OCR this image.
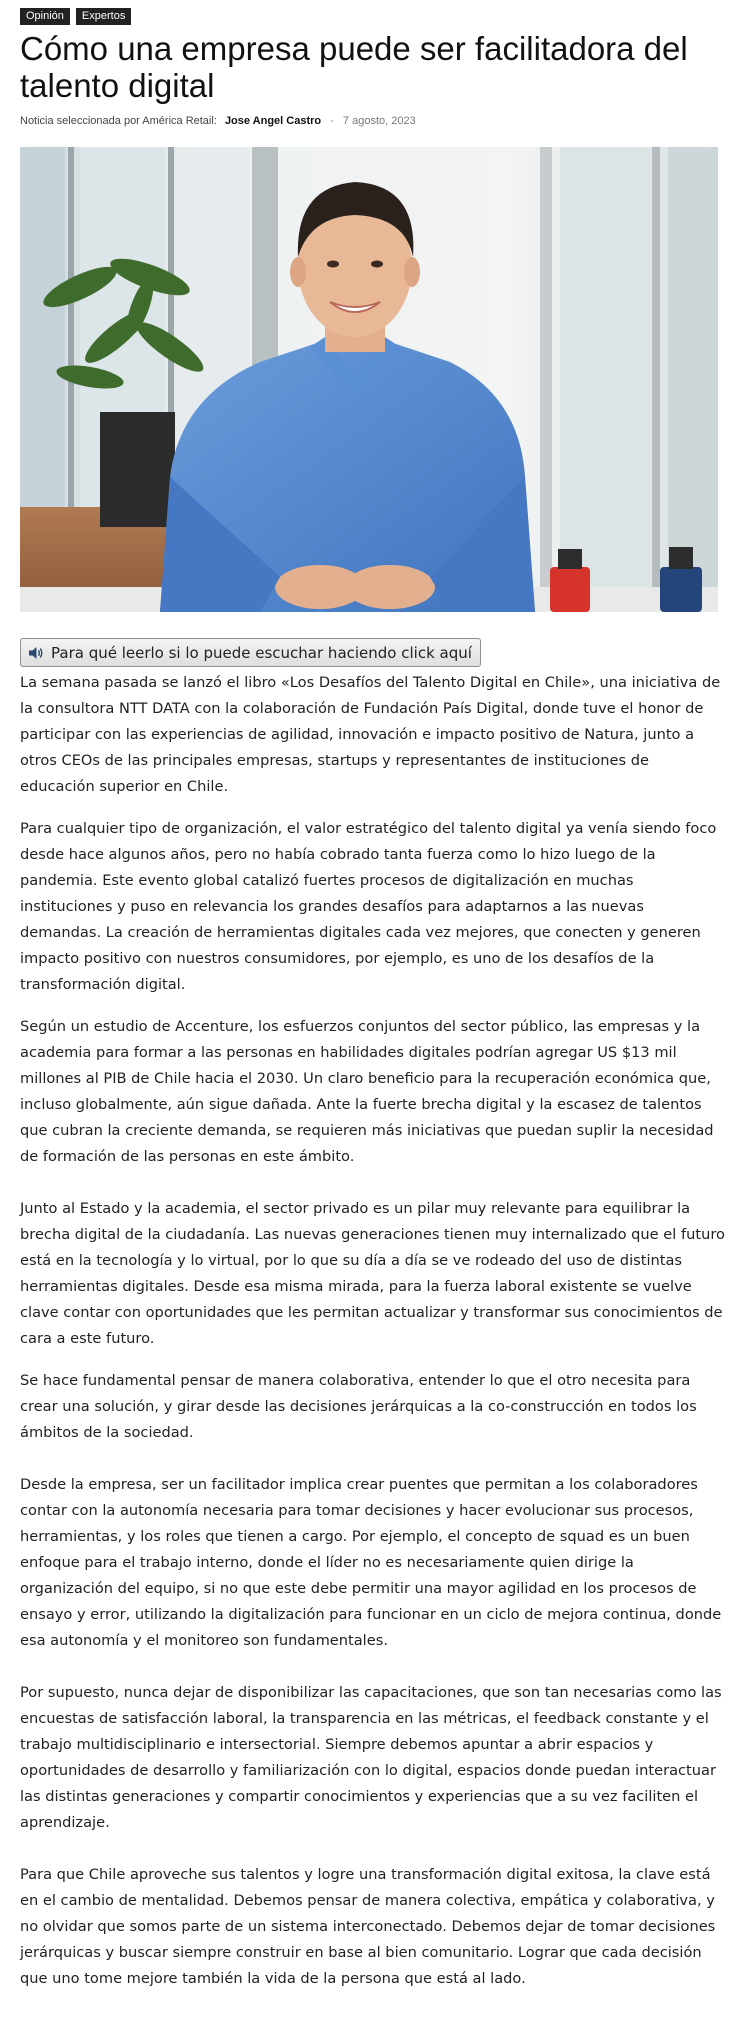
Opinión	Expertos
Cómo una empresa puede ser facilitadora del talento digital
Noticia seleccionada por América Retail: Jose Angel Castro - 7 agosto, 2023
Para qué leerlo si lo puede escuchar haciendo click aquí

La semana pasada se lanzó el libro «Los Desafíos del Talento Digital en Chile», una iniciativa de la consultora NTT DATA con la colaboración de Fundación País Digital, donde tuve el honor de participar con las experiencias de agilidad, innovación e impacto positivo de Natura, junto a otros CEOs de las principales empresas, startups y representantes de instituciones de educación superior en Chile.

Para cualquier tipo de organización, el valor estratégico del talento digital ya venía siendo foco desde hace algunos años, pero no había cobrado tanta fuerza como lo hizo luego de la pandemia. Este evento global catalizó fuertes procesos de digitalización en muchas instituciones y puso en relevancia los grandes desafíos para adaptarnos a las nuevas demandas. La creación de herramientas digitales cada vez mejores, que conecten y generen impacto positivo con nuestros consumidores, por ejemplo, es uno de los desafíos de la transformación digital.

Según un estudio de Accenture, los esfuerzos conjuntos del sector público, las empresas y la academia para formar a las personas en habilidades digitales podrían agregar US $13 mil millones al PIB de Chile hacia el 2030. Un claro beneficio para la recuperación económica que, incluso globalmente, aún sigue dañada. Ante la fuerte brecha digital y la escasez de talentos que cubran la creciente demanda, se requieren más iniciativas que puedan suplir la necesidad de formación de las personas en este ámbito.

Junto al Estado y la academia, el sector privado es un pilar muy relevante para equilibrar la brecha digital de la ciudadanía. Las nuevas generaciones tienen muy internalizado que el futuro está en la tecnología y lo virtual, por lo que su día a día se ve rodeado del uso de distintas herramientas digitales. Desde esa misma mirada, para la fuerza laboral existente se vuelve clave contar con oportunidades que les permitan actualizar y transformar sus conocimientos de cara a este futuro.

Se hace fundamental pensar de manera colaborativa, entender lo que el otro necesita para crear una solución, y girar desde las decisiones jerárquicas a la co-construcción en todos los ámbitos de la sociedad.

Desde la empresa, ser un facilitador implica crear puentes que permitan a los colaboradores contar con la autonomía necesaria para tomar decisiones y hacer evolucionar sus procesos, herramientas, y los roles que tienen a cargo. Por ejemplo, el concepto de squad es un buen enfoque para el trabajo interno, donde el líder no es necesariamente quien dirige la organización del equipo, si no que este debe permitir una mayor agilidad en los procesos de ensayo y error, utilizando la digitalización para funcionar en un ciclo de mejora continua, donde esa autonomía y el monitoreo son fundamentales.

Por supuesto, nunca dejar de disponibilizar las capacitaciones, que son tan necesarias como las encuestas de satisfacción laboral, la transparencia en las métricas, el feedback constante y el trabajo multidisciplinario e intersectorial. Siempre debemos apuntar a abrir espacios y oportunidades de desarrollo y familiarización con lo digital, espacios donde puedan interactuar las distintas generaciones y compartir conocimientos y experiencias que a su vez faciliten el aprendizaje.

Para que Chile aproveche sus talentos y logre una transformación digital exitosa, la clave está en el cambio de mentalidad. Debemos pensar de manera colectiva, empática y colaborativa, y no olvidar que somos parte de un sistema interconectado. Debemos dejar de tomar decisiones jerárquicas y buscar siempre construir en base al bien comunitario. Lograr que cada decisión que uno tome mejore también la vida de la persona que está al lado.
